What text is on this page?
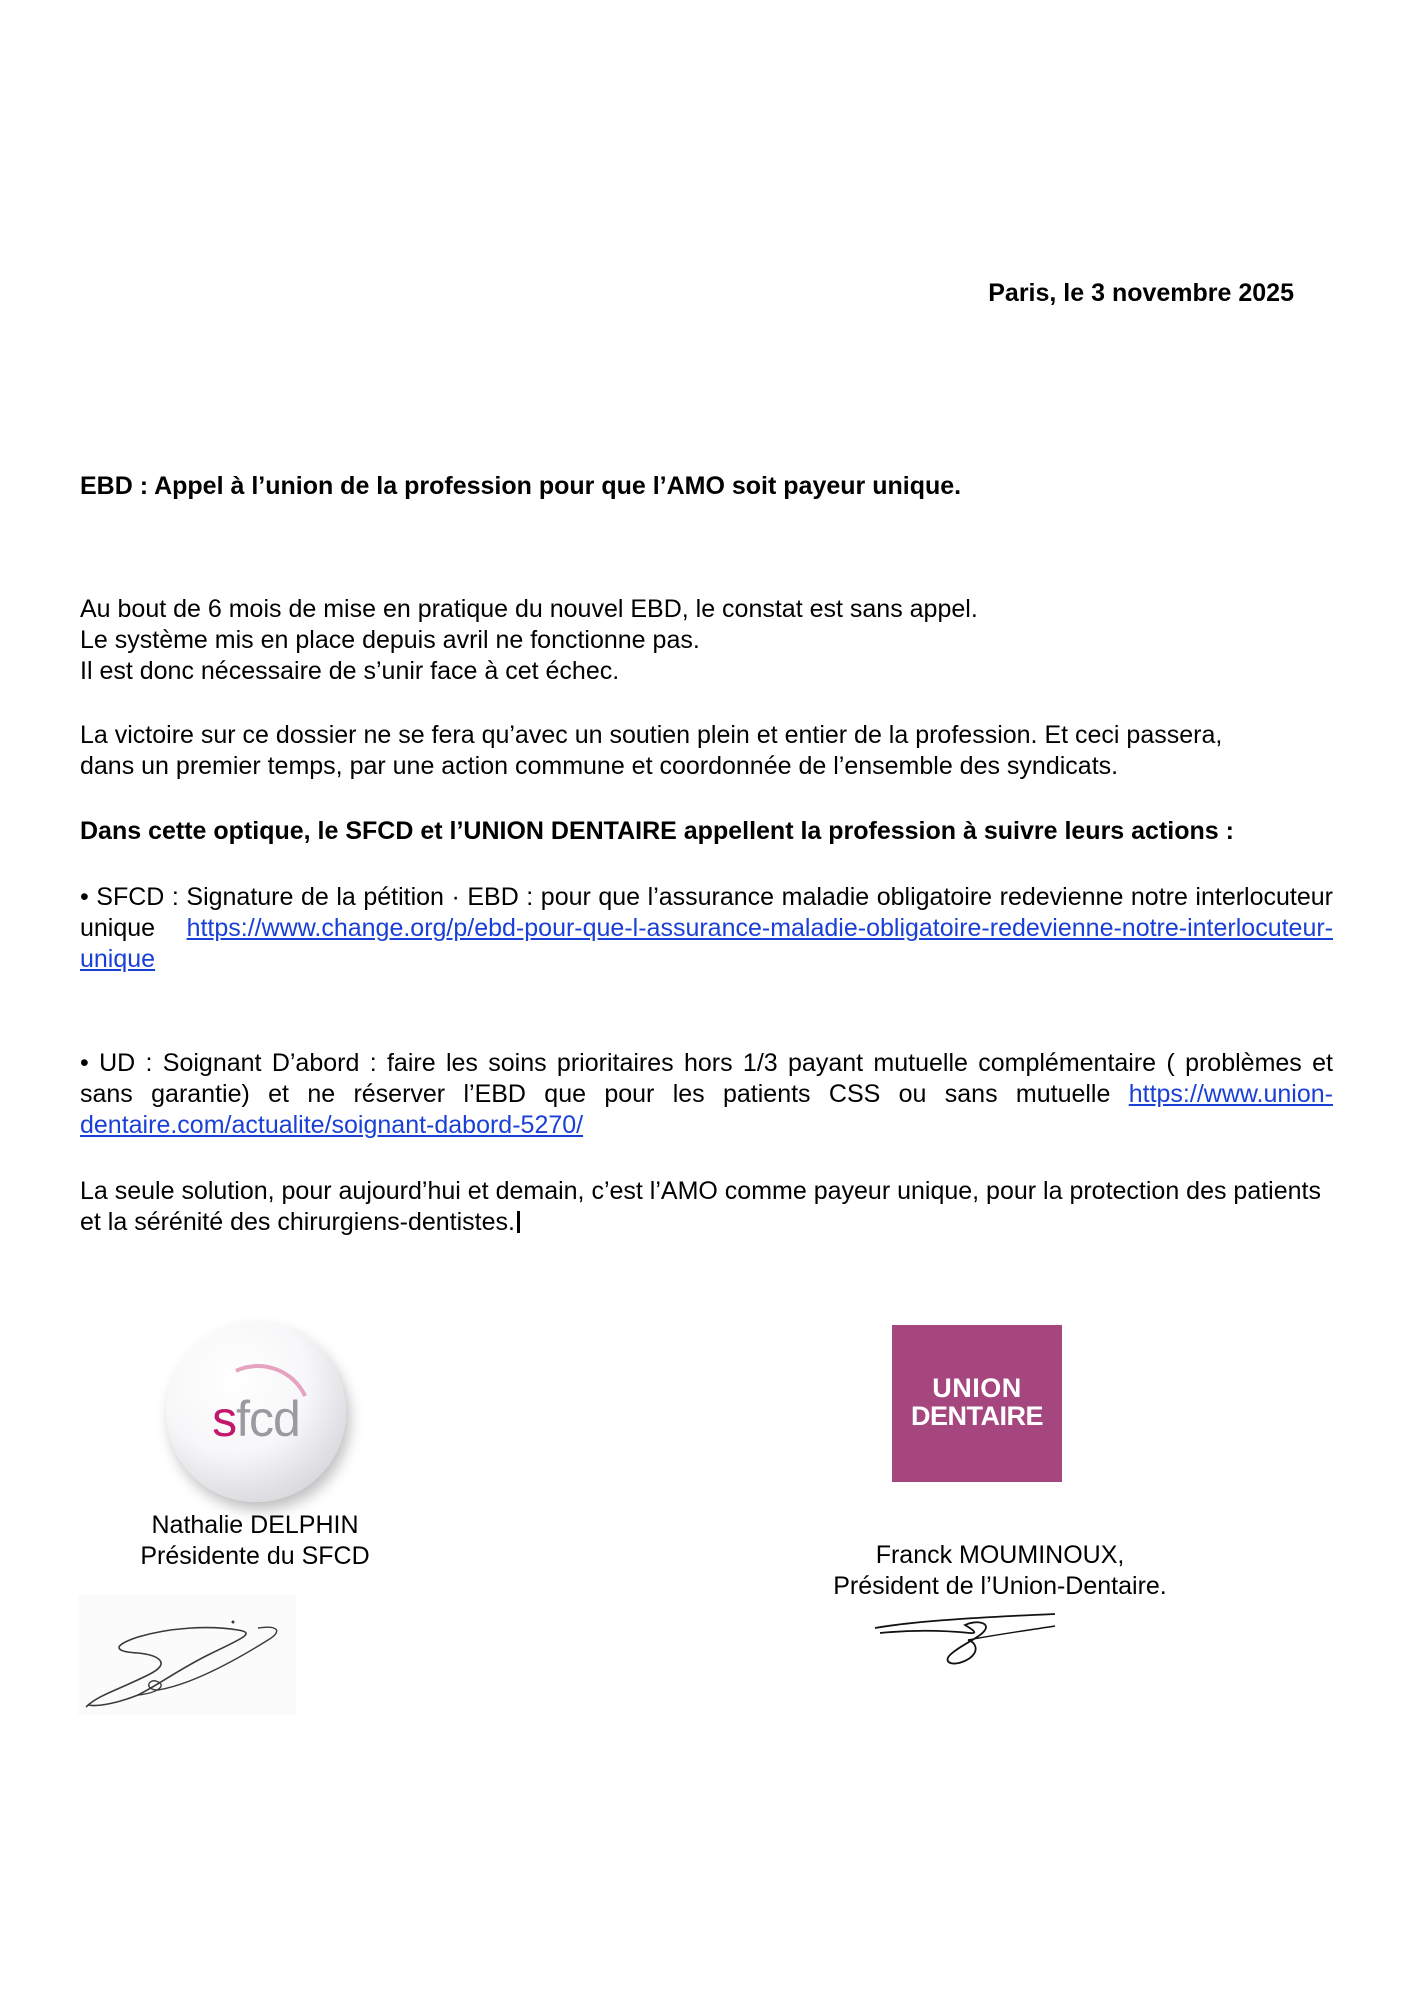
Paris, le 3 novembre 2025
EBD : Appel à l’union de la profession pour que l’AMO soit payeur unique.
Au bout de 6 mois de mise en pratique du nouvel EBD, le constat est sans appel.
Le système mis en place depuis avril ne fonctionne pas.
Il est donc nécessaire de s’unir face à cet échec.
La victoire sur ce dossier ne se fera qu’avec un soutien plein et entier de la profession. Et ceci passera,
dans un premier temps, par une action commune et coordonnée de l’ensemble des syndicats.
Dans cette optique, le SFCD et l’UNION DENTAIRE appellent la profession à suivre leurs actions :
• SFCD : Signature de la pétition · EBD : pour que l’assurance maladie obligatoire redevienne notre interlocuteur unique https://www.change.org/p/ebd-pour-que-l-assurance-maladie-obligatoire-redevienne-notre-interlocuteur-unique
• UD : Soignant D’abord : faire les soins prioritaires hors 1/3 payant mutuelle complémentaire ( problèmes et sans garantie) et ne réserver l’EBD que pour les patients CSS ou sans mutuelle https://www.union-dentaire.com/actualite/soignant-dabord-5270/
La seule solution, pour aujourd’hui et demain, c’est l’AMO comme payeur unique, pour la protection des patients et la sérénité des chirurgiens-dentistes.
sfcd
UNION
DENTAIRE
Nathalie DELPHIN
Présidente du SFCD	Franck MOUMINOUX,
Président de l’Union-Dentaire.
